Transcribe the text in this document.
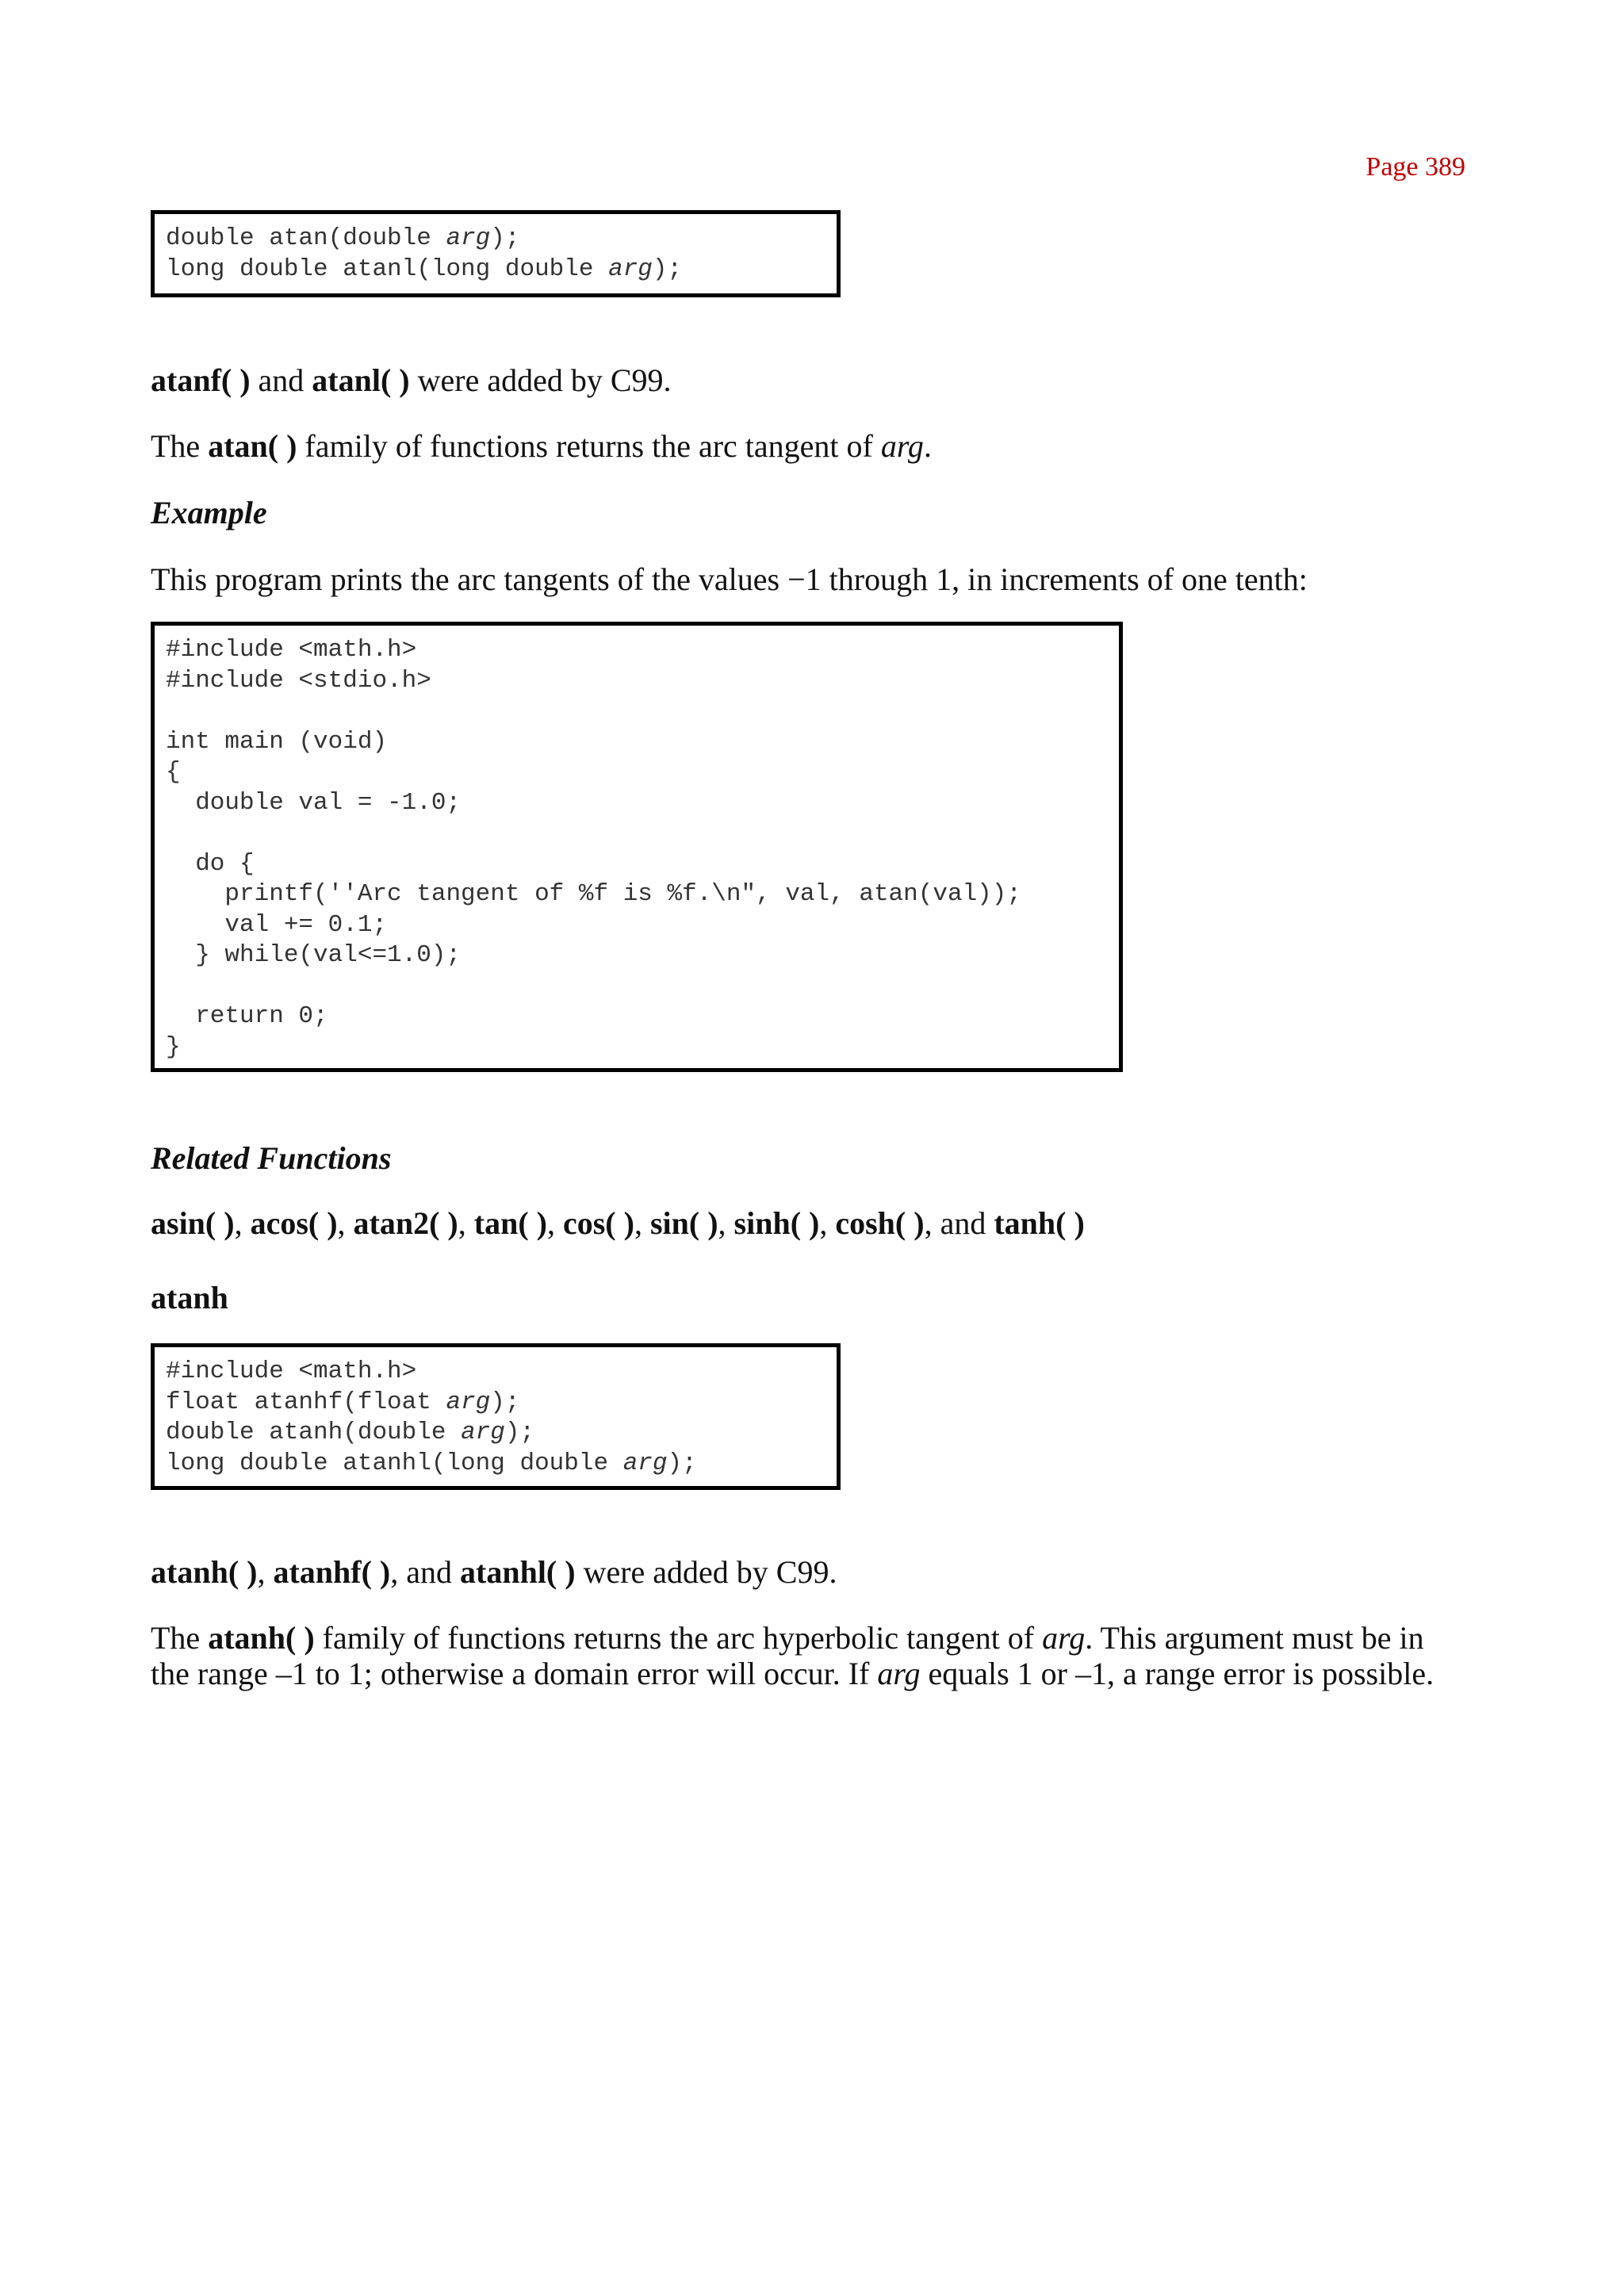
Page 389
double atan(double arg);
long double atanl(long double arg);
atanf( ) and atanl( ) were added by C99.
The atan( ) family of functions returns the arc tangent of arg.
Example
This program prints the arc tangents of the values −1 through 1, in increments of one tenth:
#include <math.h>
#include <stdio.h>
int main (void)
{
double val = -1.0;
do {
printf(''Arc tangent of %f is %f.\n", val, atan(val));
val += 0.1;
} while(val<=1.0);
return 0;
}
Related Functions
asin( ), acos( ), atan2( ), tan( ), cos( ), sin( ), sinh( ), cosh( ), and tanh( )
atanh
#include <math.h>
float atanhf(float arg);
double atanh(double arg);
long double atanhl(long double arg);
atanh( ), atanhf( ), and atanhl( ) were added by C99.
The atanh( ) family of functions returns the arc hyperbolic tangent of arg. This argument must be in the range –1 to 1; otherwise a domain error will occur. If arg equals 1 or –1, a range error is possible.
